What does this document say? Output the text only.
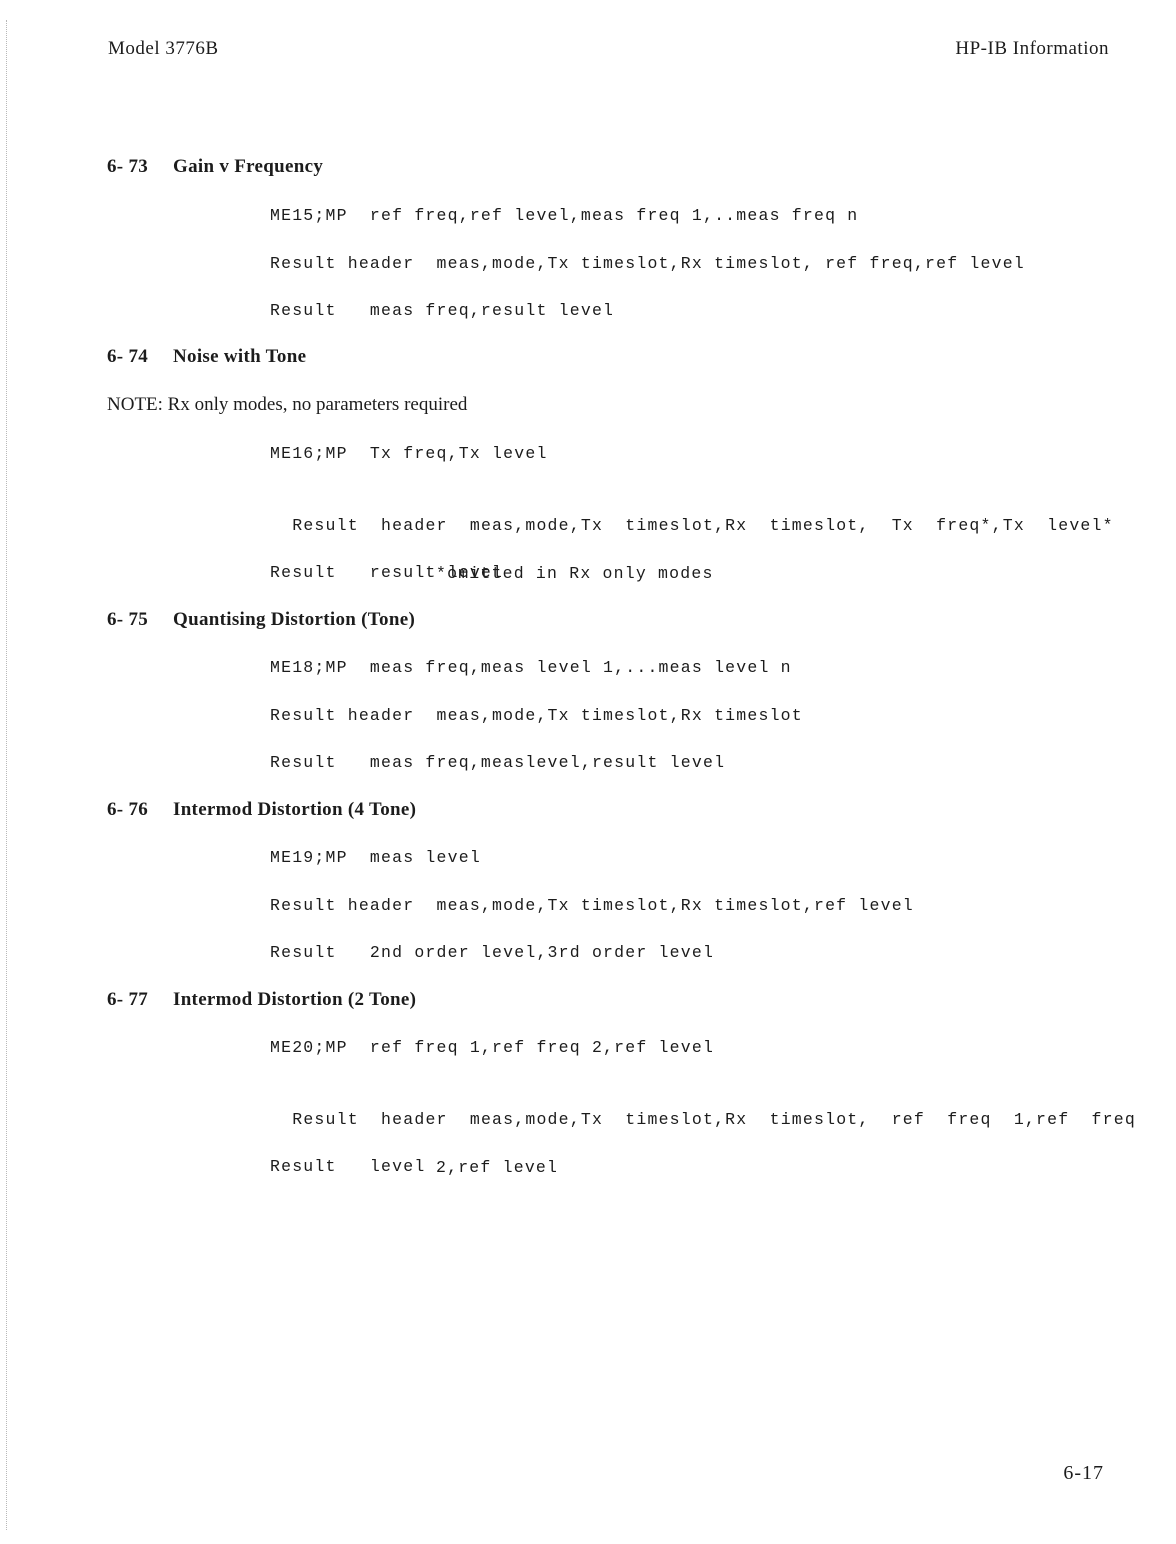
Model 3776B	HP-IB Information
6- 73 Gain v Frequency
ME15;MP  ref freq,ref level,meas freq 1,..meas freq n
Result header  meas,mode,Tx timeslot,Rx timeslot, ref freq,ref level
Result   meas freq,result level
6- 74 Noise with Tone
NOTE: Rx only modes, no parameters required
ME16;MP  Tx freq,Tx level

Result  header  meas,mode,Tx  timeslot,Rx  timeslot,  Tx  freq*,Tx  level*

*omitted in Rx only modes

Result   result level
6- 75 Quantising Distortion (Tone)
ME18;MP  meas freq,meas level 1,...meas level n
Result header  meas,mode,Tx timeslot,Rx timeslot
Result   meas freq,measlevel,result level
6- 76 Intermod Distortion (4 Tone)
ME19;MP  meas level
Result header  meas,mode,Tx timeslot,Rx timeslot,ref level
Result   2nd order level,3rd order level
6- 77 Intermod Distortion (2 Tone)
ME20;MP  ref freq 1,ref freq 2,ref level

Result  header  meas,mode,Tx  timeslot,Rx  timeslot,  ref  freq  1,ref  freq

2,ref level

Result   level
6-17
